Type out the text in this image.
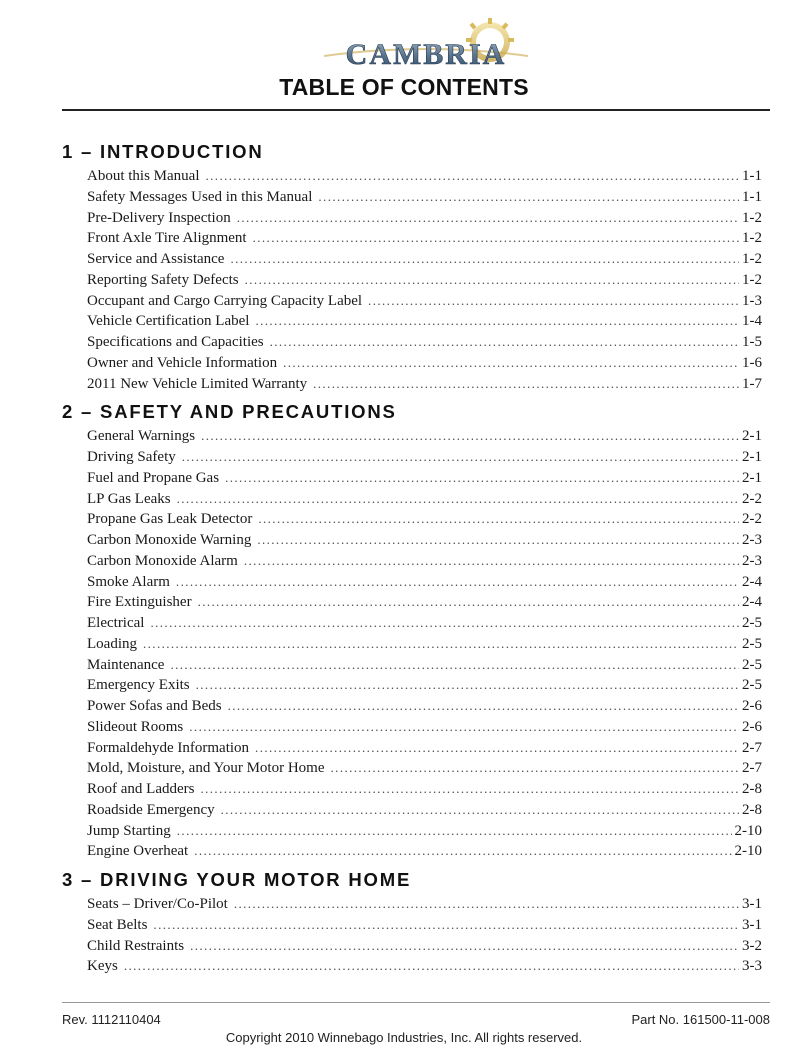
CAMBRIA
TABLE OF CONTENTS
1 – INTRODUCTION
About this Manual .....	1-1
Safety Messages Used in this Manual .....	1-1
Pre-Delivery Inspection .....	1-2
Front Axle Tire Alignment .....	1-2
Service and Assistance .....	1-2
Reporting Safety Defects .....	1-2
Occupant and Cargo Carrying Capacity Label .....	1-3
Vehicle Certification Label .....	1-4
Specifications and Capacities .....	1-5
Owner and Vehicle Information .....	1-6
2011 New Vehicle Limited Warranty .....	1-7
2 – SAFETY AND PRECAUTIONS
General Warnings .....	2-1
Driving Safety .....	2-1
Fuel and Propane Gas .....	2-1
LP Gas Leaks .....	2-2
Propane Gas Leak Detector .....	2-2
Carbon Monoxide Warning .....	2-3
Carbon Monoxide Alarm .....	2-3
Smoke Alarm .....	2-4
Fire Extinguisher .....	2-4
Electrical .....	2-5
Loading .....	2-5
Maintenance .....	2-5
Emergency Exits .....	2-5
Power Sofas and Beds .....	2-6
Slideout Rooms .....	2-6
Formaldehyde Information .....	2-7
Mold, Moisture, and Your Motor Home .....	2-7
Roof and Ladders .....	2-8
Roadside Emergency .....	2-8
Jump Starting .....	2-10
Engine Overheat .....	2-10
3 – DRIVING YOUR MOTOR HOME
Seats – Driver/Co-Pilot .....	3-1
Seat Belts .....	3-1
Child Restraints .....	3-2
Keys .....	3-3
Rev. 1112110404	Part No. 161500-11-008
Copyright 2010 Winnebago Industries, Inc. All rights reserved.
